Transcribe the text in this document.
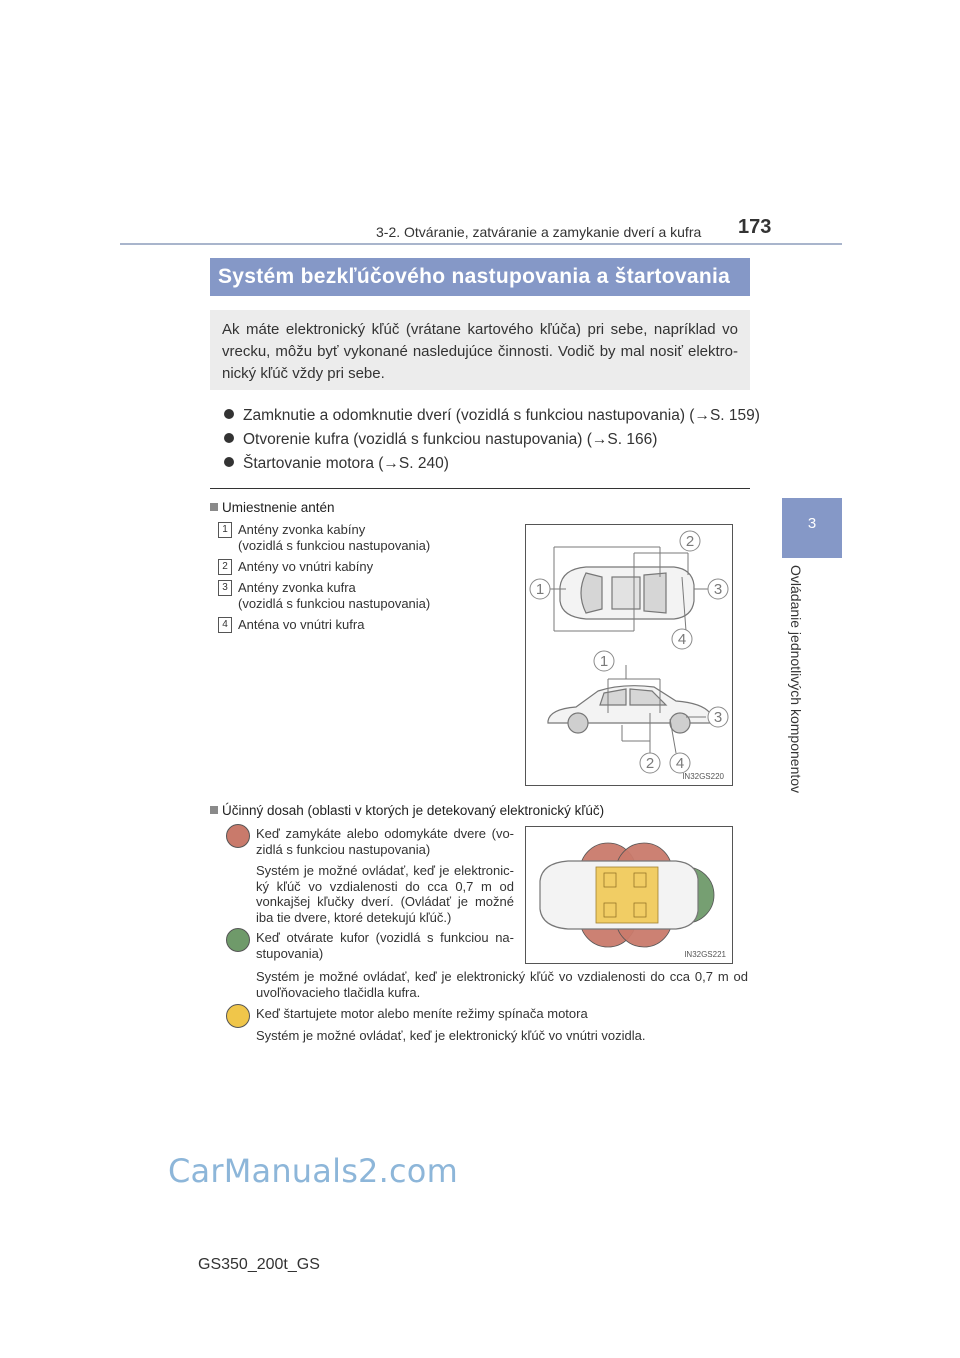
3-2. Otváranie, zatváranie a zamykanie dverí a kufra 173
3
Ovládanie jednotlivých komponentov
Systém bezkľúčového nastupovania a štartovania
Ak máte elektronický kľúč (vrátane kartového kľúča) pri sebe, napríklad vo vrecku, môžu byť vykonané nasledujúce činnosti. Vodič by mal nosiť elektro-nický kľúč vždy pri sebe.
Zamknutie a odomknutie dverí (vozidlá s funkciou nastupovania) (→S. 159)
Otvorenie kufra (vozidlá s funkciou nastupovania) (→S. 166)
Štartovanie motora (→S. 240)
Umiestnenie antén
1 Antény zvonka kabíny
(vozidlá s funkciou nastupovania)
2 Antény vo vnútri kabíny
3 Antény zvonka kufra
(vozidlá s funkciou nastupovania)
4 Anténa vo vnútri kufra
2
1	3
4
1
3
2 4
IN32GS220
Účinný dosah (oblasti v ktorých je detekovaný elektronický kľúč)
Keď zamykáte alebo odomykáte dvere (vo-zidlá s funkciou nastupovania)
Systém je možné ovládať, keď je elektronic-ký kľúč vo vzdialenosti do cca 0,7 m od vonkajšej kľučky dverí. (Ovládať je možné iba tie dvere, ktoré detekujú kľúč.)
Keď otvárate kufor (vozidlá s funkciou na-stupovania)
Systém je možné ovládať, keď je elektronický kľúč vo vzdialenosti do cca 0,7 m od uvoľňovacieho tlačidla kufra.
Keď štartujete motor alebo meníte režimy spínača motora
Systém je možné ovládať, keď je elektronický kľúč vo vnútri vozidla.
IN32GS221
CarManuals2.com
GS350_200t_GS
